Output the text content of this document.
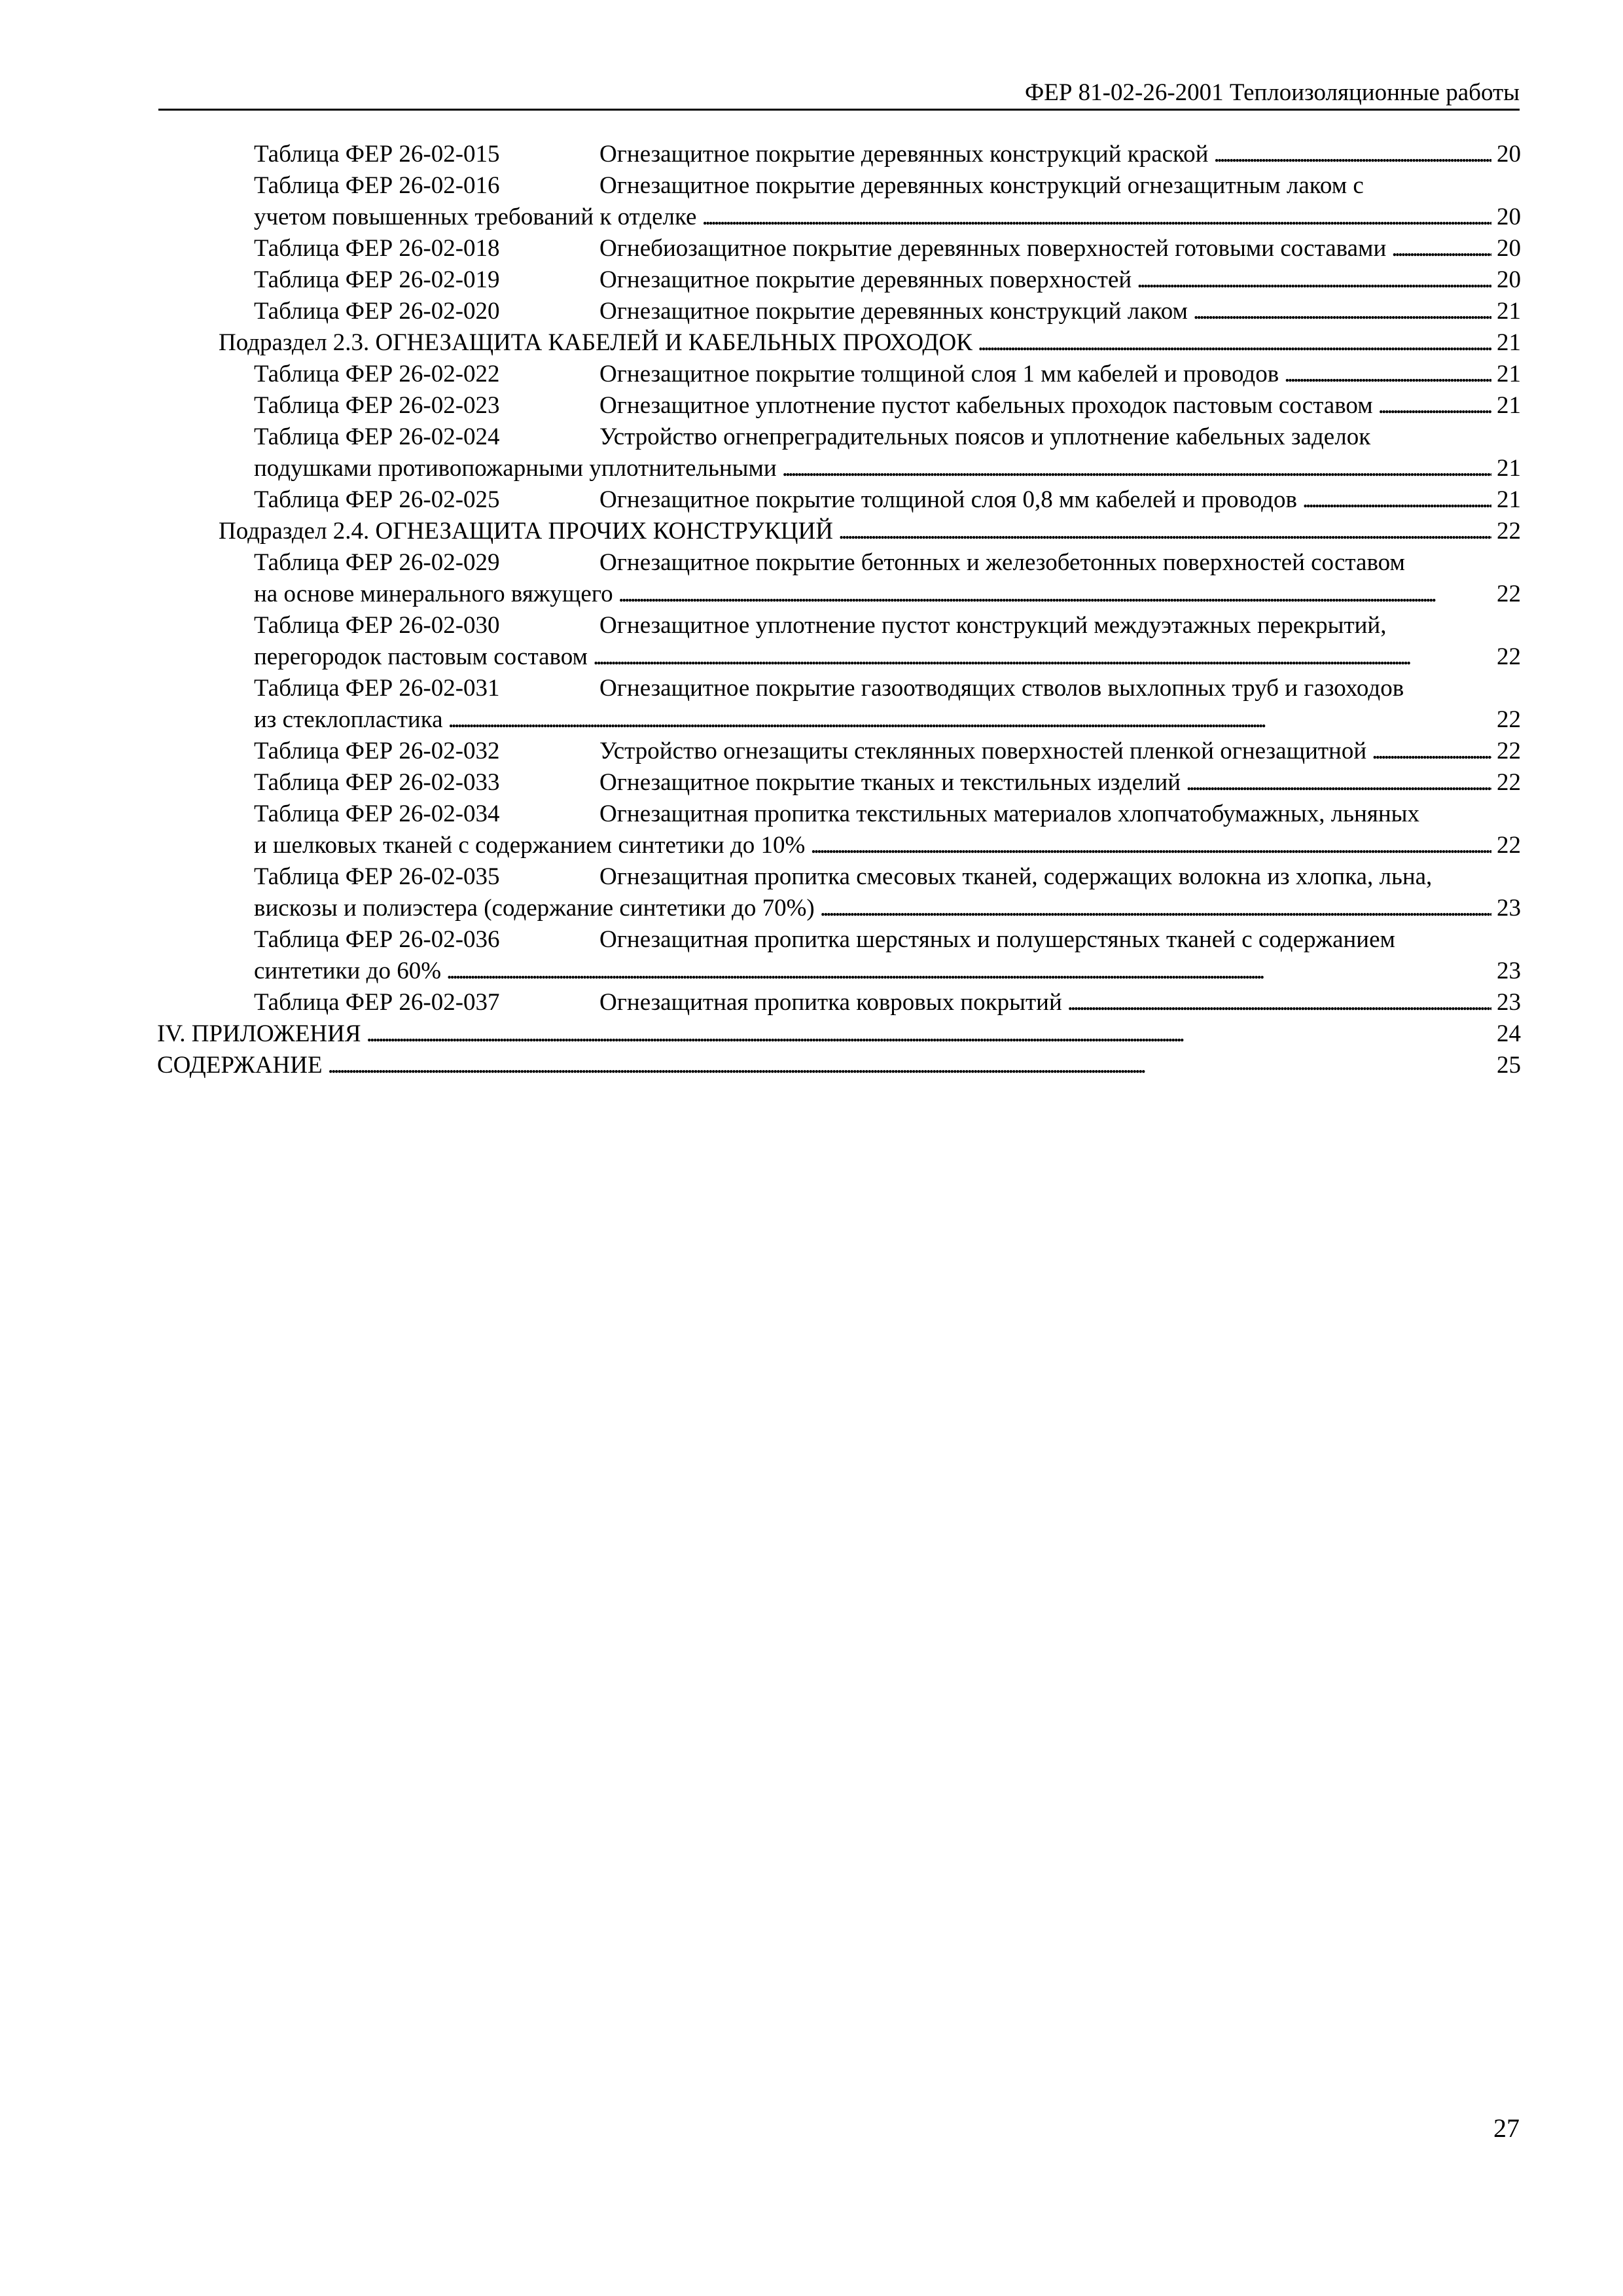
ФЕР 81-02-26-2001 Теплоизоляционные работы
Таблица ФЕР 26-02-015	Огнезащитное покрытие деревянных конструкций краской . . .	20
Таблица ФЕР 26-02-016	Огнезащитное покрытие деревянных конструкций огнезащитным лаком с
учетом повышенных требований к отделке . . .	20
Таблица ФЕР 26-02-018	Огнебиозащитное покрытие деревянных поверхностей готовыми составами . . .	20
Таблица ФЕР 26-02-019	Огнезащитное покрытие деревянных поверхностей . . .	20
Таблица ФЕР 26-02-020	Огнезащитное покрытие деревянных конструкций лаком . . .	21
Подраздел 2.3. ОГНЕЗАЩИТА КАБЕЛЕЙ И КАБЕЛЬНЫХ ПРОХОДОК . . .	21
Таблица ФЕР 26-02-022	Огнезащитное покрытие толщиной слоя 1 мм кабелей и проводов . . .	21
Таблица ФЕР 26-02-023	Огнезащитное уплотнение пустот кабельных проходок пастовым составом . . .	21
Таблица ФЕР 26-02-024	Устройство огнепреградительных поясов и уплотнение кабельных заделок
подушками противопожарными уплотнительными . . .	21
Таблица ФЕР 26-02-025	Огнезащитное покрытие толщиной слоя 0,8 мм кабелей и проводов . . .	21
Подраздел 2.4. ОГНЕЗАЩИТА ПРОЧИХ КОНСТРУКЦИЙ . . .	22
Таблица ФЕР 26-02-029	Огнезащитное покрытие бетонных и железобетонных поверхностей составом
на основе минерального вяжущего . . .	22
Таблица ФЕР 26-02-030	Огнезащитное уплотнение пустот конструкций междуэтажных перекрытий,
перегородок пастовым составом . . .	22
Таблица ФЕР 26-02-031	Огнезащитное покрытие газоотводящих стволов выхлопных труб и газоходов
из стеклопластика . . .	22
Таблица ФЕР 26-02-032	Устройство огнезащиты стеклянных поверхностей пленкой огнезащитной . . .	22
Таблица ФЕР 26-02-033	Огнезащитное покрытие тканых и текстильных изделий . . .	22
Таблица ФЕР 26-02-034	Огнезащитная пропитка текстильных материалов хлопчатобумажных, льняных
и шелковых тканей с содержанием синтетики до 10% . . .	22
Таблица ФЕР 26-02-035	Огнезащитная пропитка смесовых тканей, содержащих волокна из хлопка, льна,
вискозы и полиэстера (содержание синтетики до 70%) . . .	23
Таблица ФЕР 26-02-036	Огнезащитная пропитка шерстяных и полушерстяных тканей с содержанием
синтетики до 60% . . .	23
Таблица ФЕР 26-02-037	Огнезащитная пропитка ковровых покрытий . . .	23
IV. ПРИЛОЖЕНИЯ . . .	24
СОДЕРЖАНИЕ . . .	25
27
